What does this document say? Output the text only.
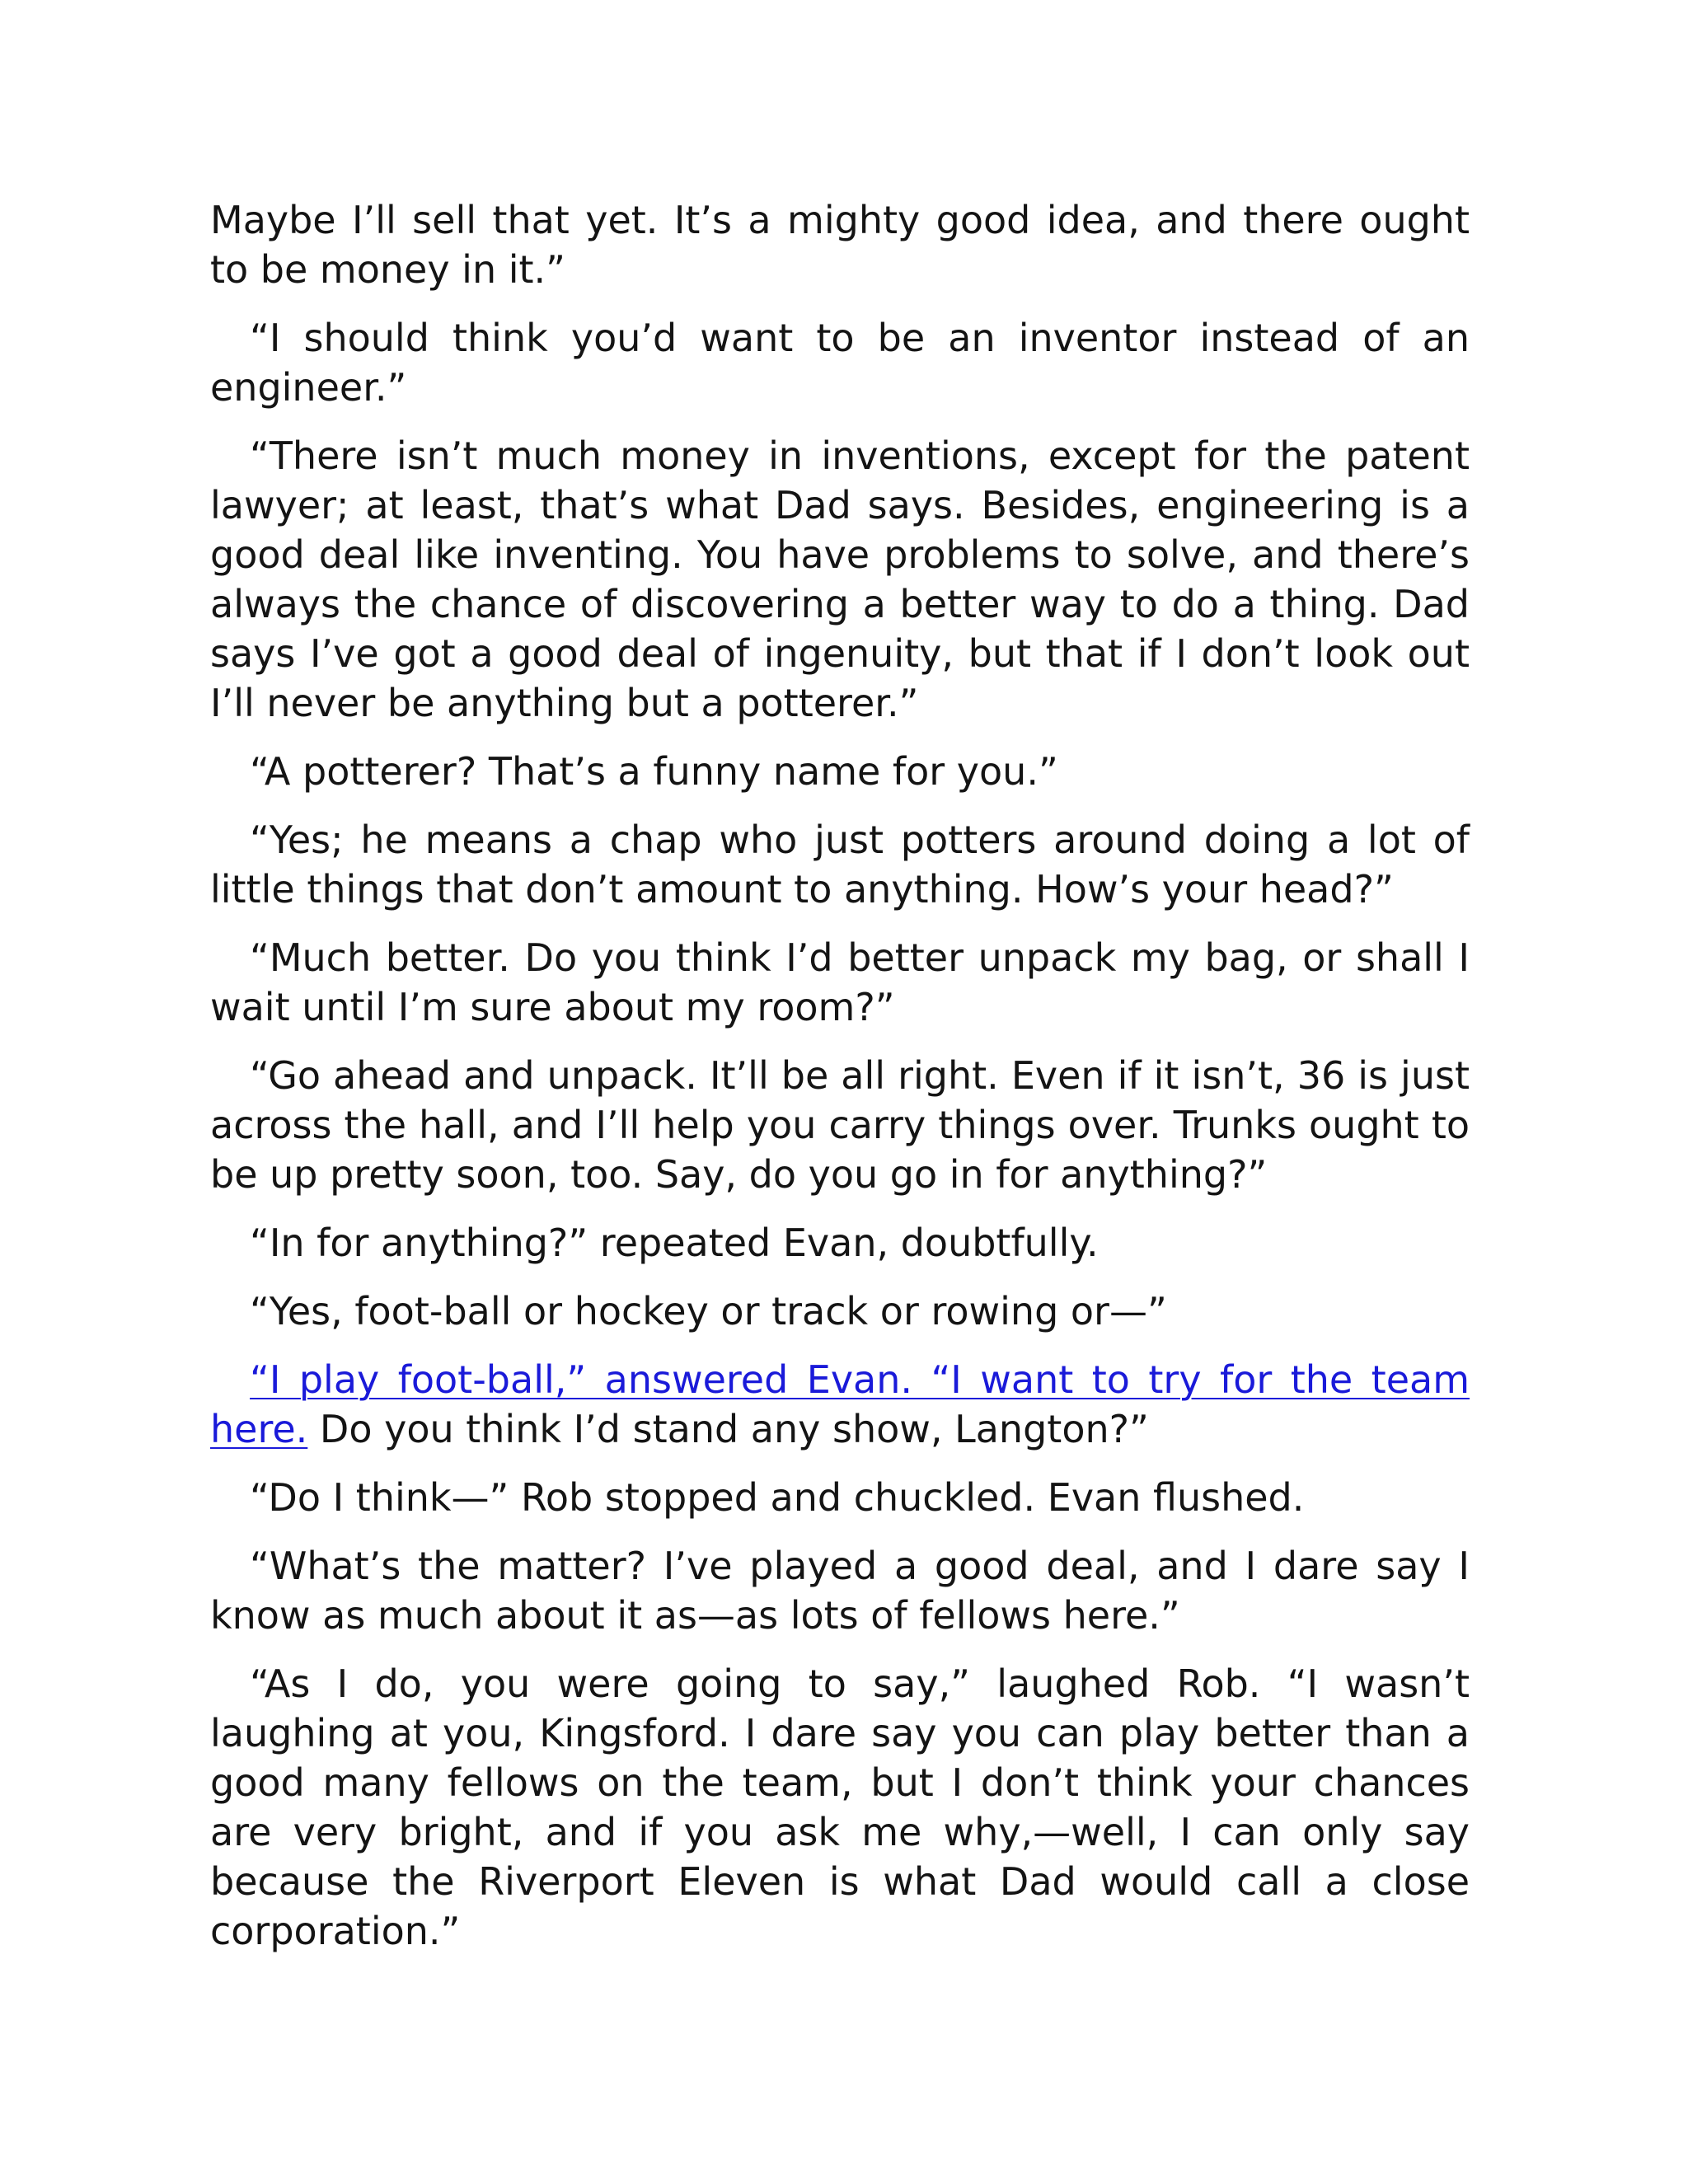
Maybe I’ll sell that yet. It’s a mighty good idea, and there ought to be money in it.”

“I should think you’d want to be an inventor instead of an engineer.”

“There isn’t much money in inventions, except for the patent lawyer; at least, that’s what Dad says. Besides, engineering is a good deal like inventing. You have problems to solve, and there’s always the chance of discovering a better way to do a thing. Dad says I’ve got a good deal of ingenuity, but that if I don’t look out I’ll never be anything but a potterer.”

“A potterer? That’s a funny name for you.”

“Yes; he means a chap who just potters around doing a lot of little things that don’t amount to anything. How’s your head?”

“Much better. Do you think I’d better unpack my bag, or shall I wait until I’m sure about my room?”

“Go ahead and unpack. It’ll be all right. Even if it isn’t, 36 is just across the hall, and I’ll help you carry things over. Trunks ought to be up pretty soon, too. Say, do you go in for anything?”

“In for anything?” repeated Evan, doubtfully.

“Yes, foot-ball or hockey or track or rowing or—”

“I play foot-ball,” answered Evan. “I want to try for the team here. Do you think I’d stand any show, Langton?”

“Do I think—” Rob stopped and chuckled. Evan flushed.

“What’s the matter? I’ve played a good deal, and I dare say I know as much about it as—as lots of fellows here.”

“As I do, you were going to say,” laughed Rob. “I wasn’t laughing at you, Kingsford. I dare say you can play better than a good many fellows on the team, but I don’t think your chances are very bright, and if you ask me why,—well, I can only say because the Riverport Eleven is what Dad would call a close corporation.”
